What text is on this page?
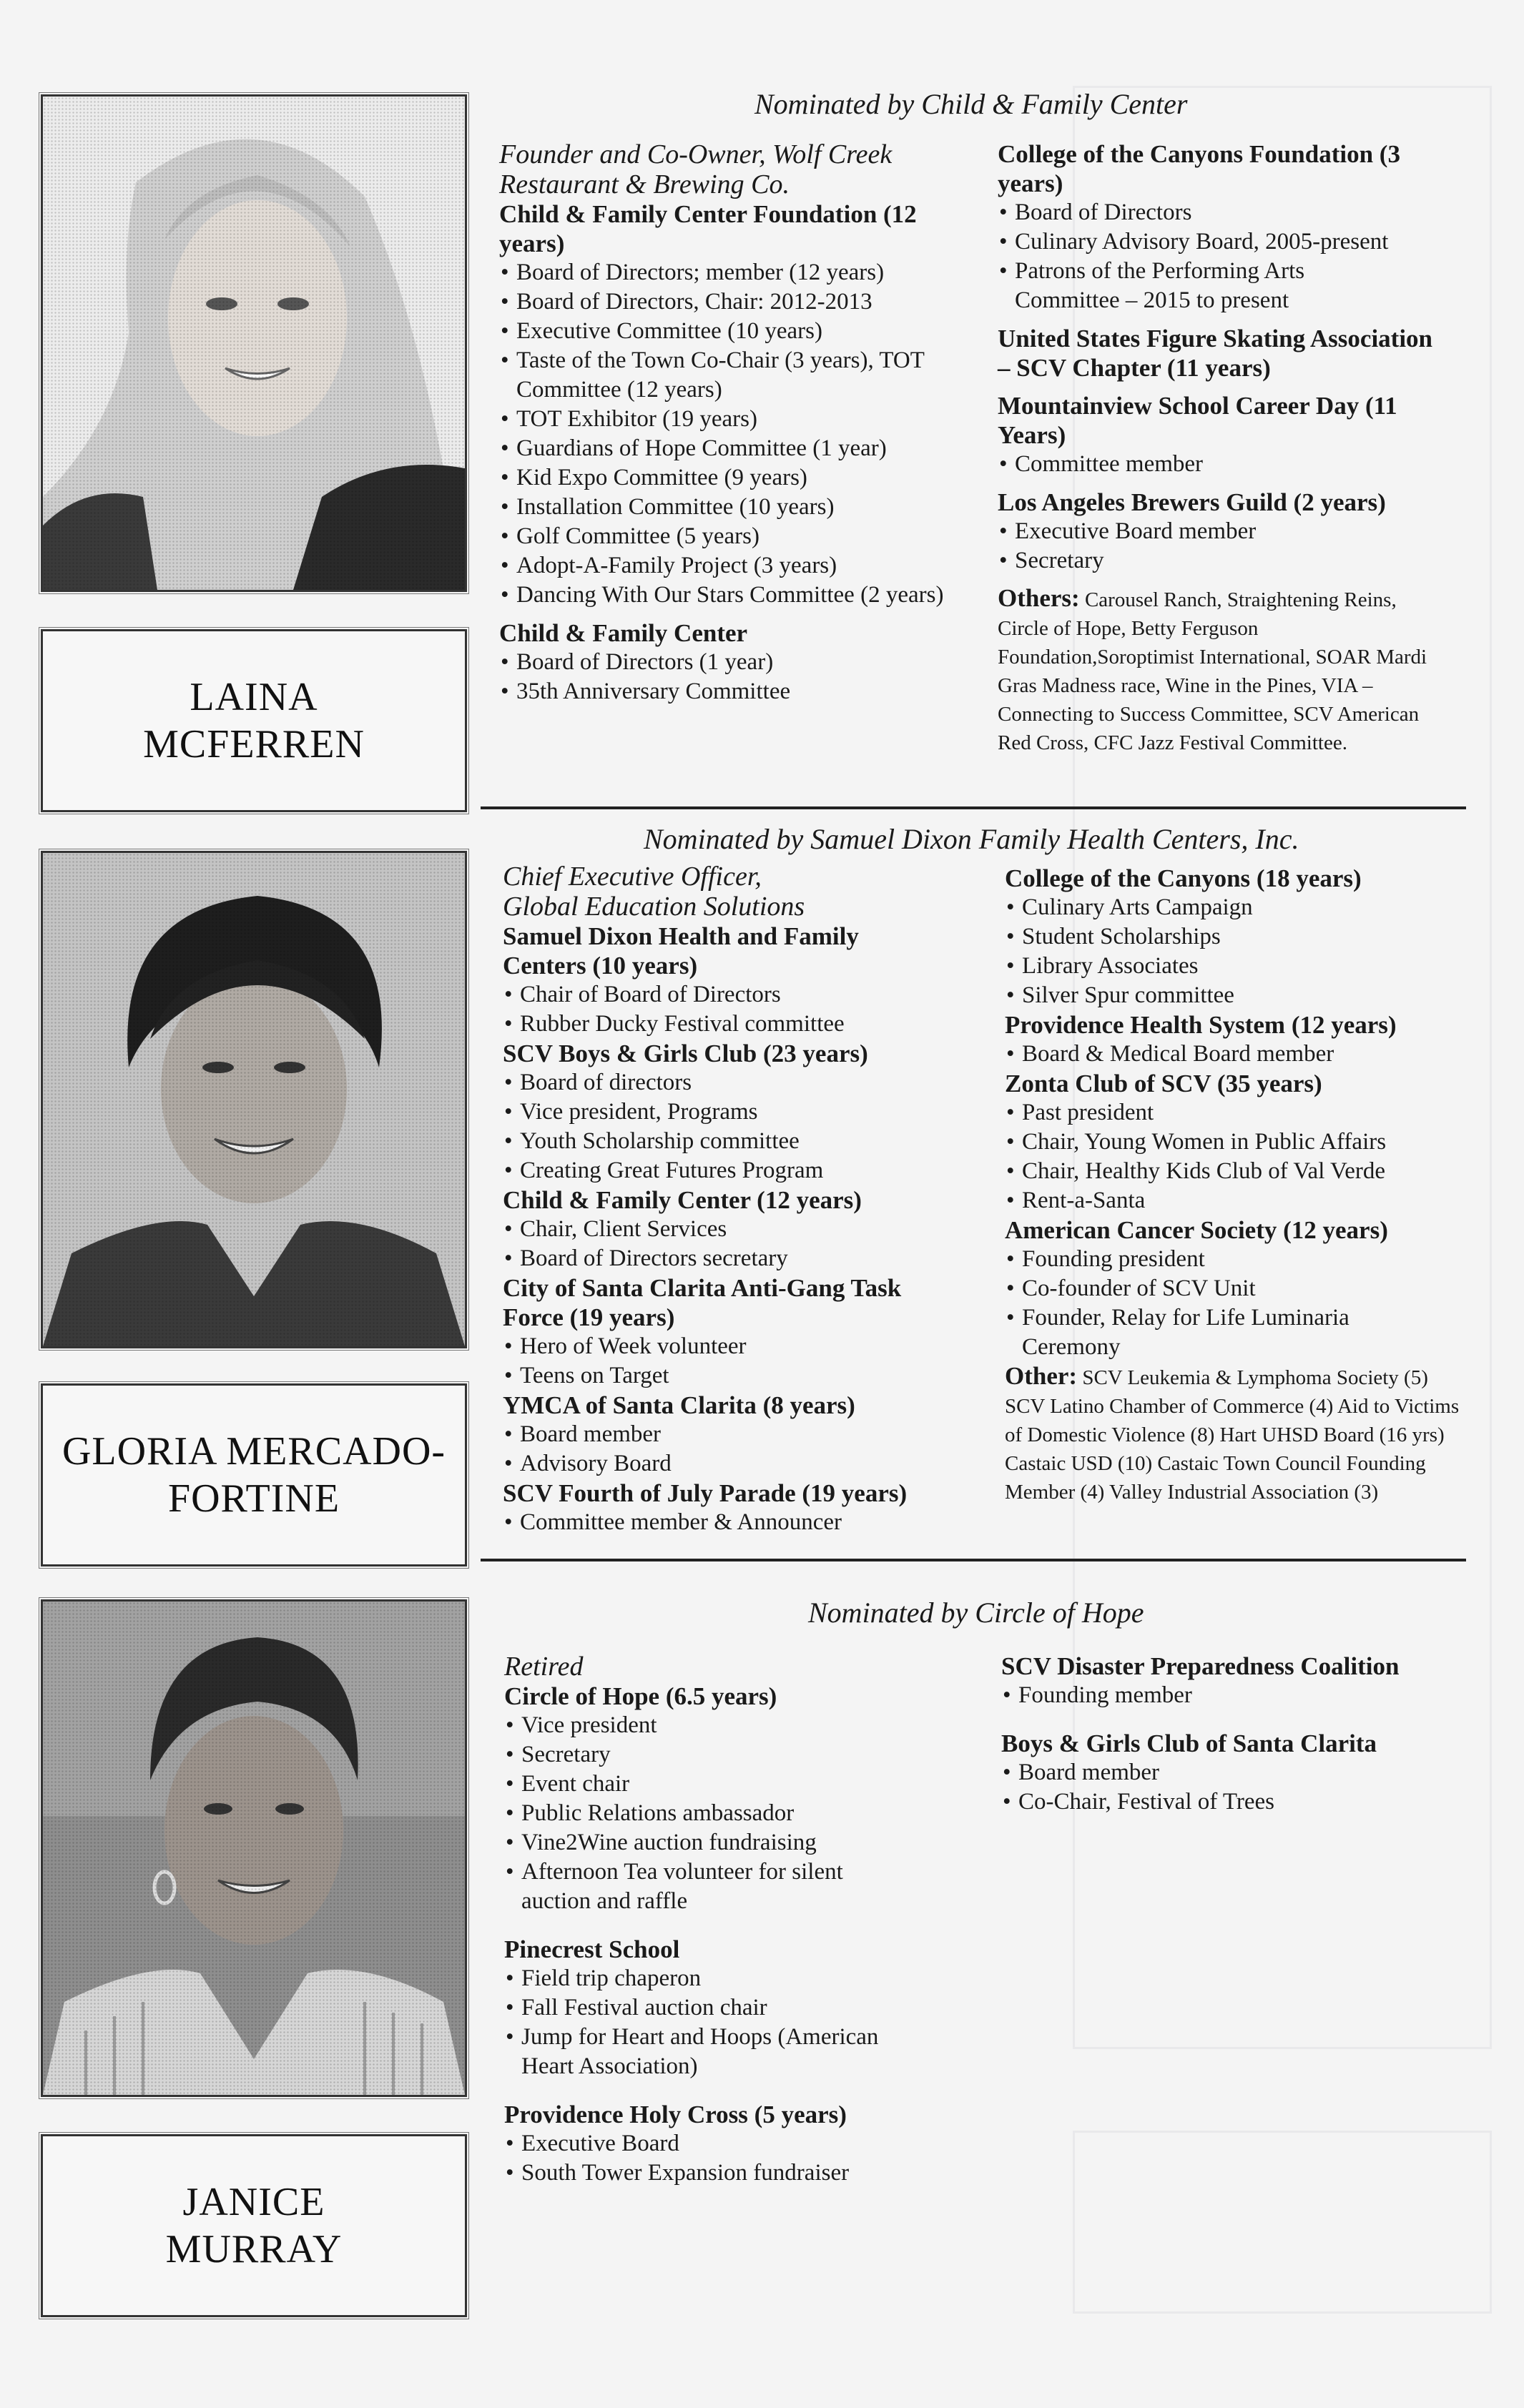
LAINA
MCFERREN
Nominated by Child & Family Center
Founder and Co-Owner, Wolf Creek
Restaurant & Brewing Co.
Child & Family Center Foundation (12 years)
• Board of Directors; member (12 years)
• Board of Directors, Chair: 2012-2013
• Executive Committee (10 years)
• Taste of the Town Co-Chair (3 years), TOT Committee (12 years)
• TOT Exhibitor (19 years)
• Guardians of Hope Committee (1 year)
• Kid Expo Committee (9 years)
• Installation Committee (10 years)
• Golf Committee (5 years)
• Adopt-A-Family Project (3 years)
• Dancing With Our Stars Committee (2 years)
Child & Family Center
• Board of Directors (1 year)
• 35th Anniversary Committee
College of the Canyons Foundation (3 years)
• Board of Directors
• Culinary Advisory Board, 2005-present
• Patrons of the Performing Arts Committee – 2015 to present
United States Figure Skating Association – SCV Chapter (11 years)
Mountainview School Career Day (11 Years)
• Committee member
Los Angeles Brewers Guild (2 years)
• Executive Board member
• Secretary
Others: Carousel Ranch, Straightening Reins, Circle of Hope, Betty Ferguson Foundation,Soroptimist International, SOAR Mardi Gras Madness race, Wine in the Pines, VIA – Connecting to Success Committee, SCV American Red Cross, CFC Jazz Festival Committee.
GLORIA MERCADO-
FORTINE
Nominated by Samuel Dixon Family Health Centers, Inc.
Chief Executive Officer,
Global Education Solutions
Samuel Dixon Health and Family Centers (10 years)
• Chair of Board of Directors
• Rubber Ducky Festival committee
SCV Boys & Girls Club (23 years)
• Board of directors
• Vice president, Programs
• Youth Scholarship committee
• Creating Great Futures Program
Child & Family Center (12 years)
• Chair, Client Services
• Board of Directors secretary
City of Santa Clarita Anti-Gang Task Force (19 years)
• Hero of Week volunteer
• Teens on Target
YMCA of Santa Clarita (8 years)
• Board member
• Advisory Board
SCV Fourth of July Parade (19 years)
• Committee member & Announcer
College of the Canyons (18 years)
• Culinary Arts Campaign
• Student Scholarships
• Library Associates
• Silver Spur committee
Providence Health System (12 years)
• Board & Medical Board member
Zonta Club of SCV (35 years)
• Past president
• Chair, Young Women in Public Affairs
• Chair, Healthy Kids Club of Val Verde
• Rent-a-Santa
American Cancer Society (12 years)
• Founding president
• Co-founder of SCV Unit
• Founder, Relay for Life Luminaria Ceremony
Other: SCV Leukemia & Lymphoma Society (5) SCV Latino Chamber of Commerce (4) Aid to Victims of Domestic Violence (8) Hart UHSD Board (16 yrs) Castaic USD (10) Castaic Town Council Founding Member (4) Valley Industrial Association (3)
JANICE
MURRAY
Nominated by Circle of Hope
Retired
Circle of Hope (6.5 years)
• Vice president
• Secretary
• Event chair
• Public Relations ambassador
• Vine2Wine auction fundraising
• Afternoon Tea volunteer for silent auction and raffle
Pinecrest School
• Field trip chaperon
• Fall Festival auction chair
• Jump for Heart and Hoops (American Heart Association)
Providence Holy Cross (5 years)
• Executive Board
• South Tower Expansion fundraiser
SCV Disaster Preparedness Coalition
• Founding member
Boys & Girls Club of Santa Clarita
• Board member
• Co-Chair, Festival of Trees
